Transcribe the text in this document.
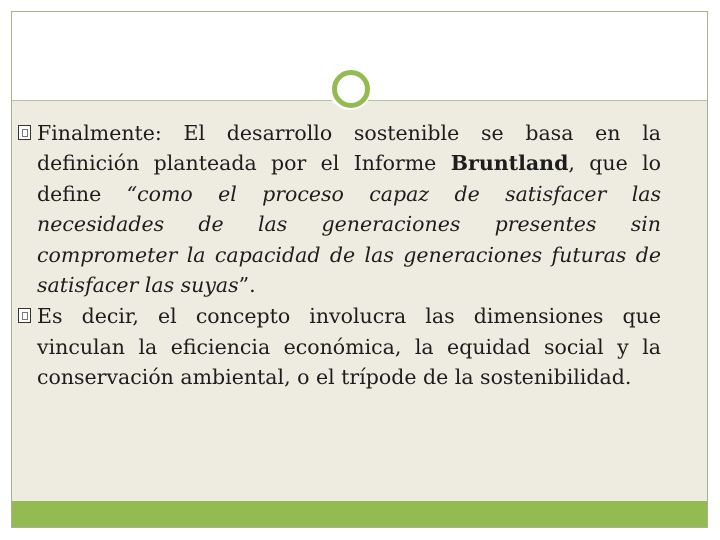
Finalmente: El desarrollo sostenible se basa en la definición planteada por el Informe Bruntland, que lo define “como el proceso capaz de satisfacer las necesidades de las generaciones presentes sin comprometer la capacidad de las generaciones futuras de satisfacer las suyas”.

Es decir, el concepto involucra las dimensiones que vinculan la eficiencia económica, la equidad social y la conservación ambiental, o el trípode de la sostenibilidad.
